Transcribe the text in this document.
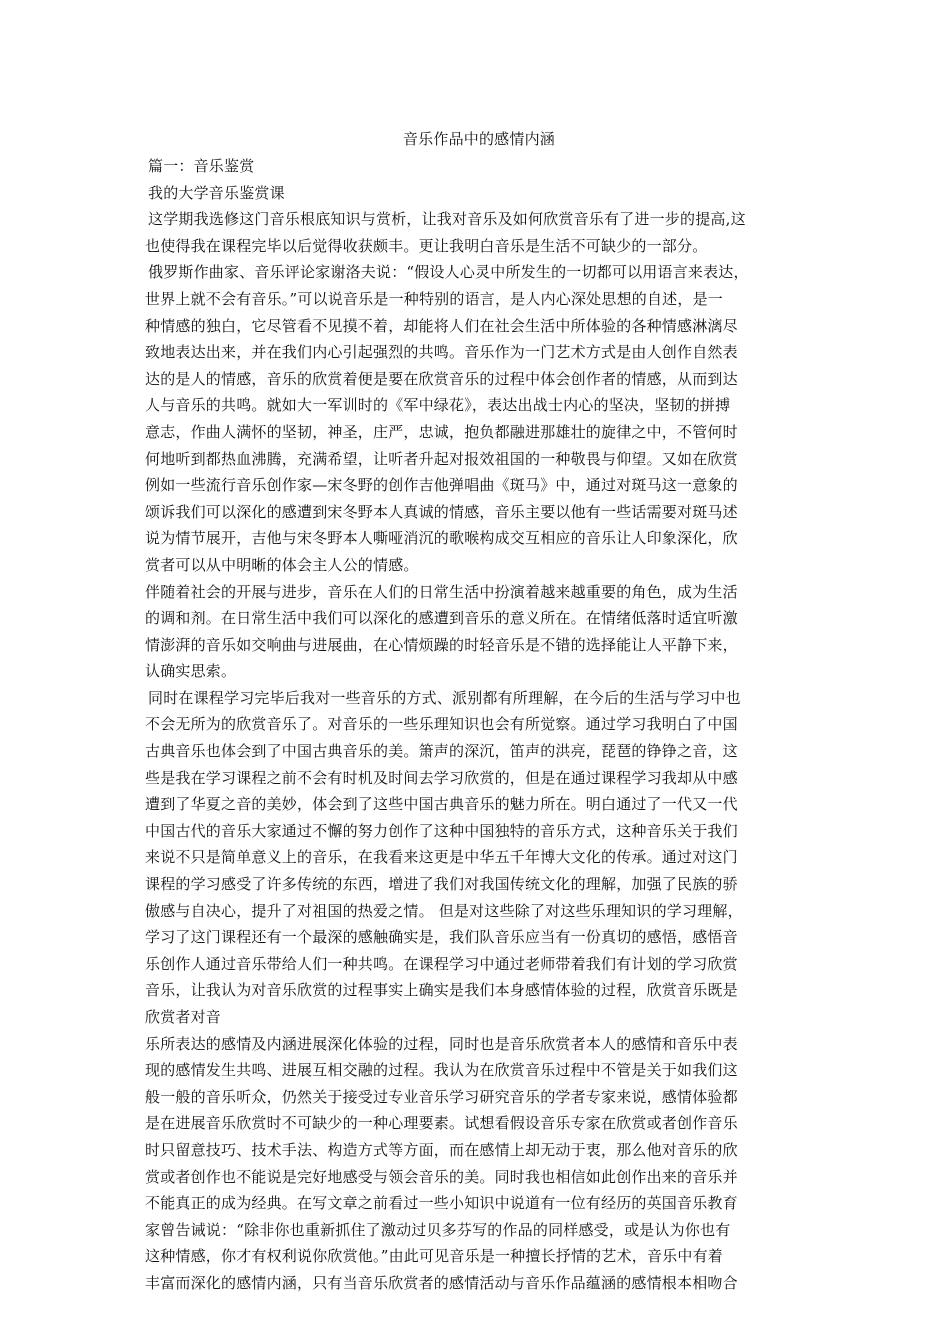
音乐作品中的感情内涵

篇一：音乐鉴赏

我的大学音乐鉴赏课

这学期我选修这门音乐根底知识与赏析，让我对音乐及如何欣赏音乐有了进一步的提高,这

也使得我在课程完毕以后觉得收获颇丰。更让我明白音乐是生活不可缺少的一部分。

俄罗斯作曲家、音乐评论家谢洛夫说：“假设人心灵中所发生的一切都可以用语言来表达，

世界上就不会有音乐。”可以说音乐是一种特别的语言，是人内心深处思想的自述，是一

种情感的独白，它尽管看不见摸不着，却能将人们在社会生活中所体验的各种情感淋漓尽

致地表达出来，并在我们内心引起强烈的共鸣。音乐作为一门艺术方式是由人创作自然表

达的是人的情感，音乐的欣赏着便是要在欣赏音乐的过程中体会创作者的情感，从而到达

人与音乐的共鸣。就如大一军训时的《军中绿花》，表达出战士内心的坚决，坚韧的拼搏

意志，作曲人满怀的坚韧，神圣，庄严，忠诚，抱负都融进那雄壮的旋律之中，不管何时

何地听到都热血沸腾，充满希望，让听者升起对报效祖国的一种敬畏与仰望。又如在欣赏

例如一些流行音乐创作家—宋冬野的创作吉他弹唱曲《斑马》中，通过对斑马这一意象的

颂诉我们可以深化的感遭到宋冬野本人真诚的情感，音乐主要以他有一些话需要对斑马述

说为情节展开，吉他与宋冬野本人嘶哑消沉的歌喉构成交互相应的音乐让人印象深化，欣

赏者可以从中明晰的体会主人公的情感。

伴随着社会的开展与进步，音乐在人们的日常生活中扮演着越来越重要的角色，成为生活

的调和剂。在日常生活中我们可以深化的感遭到音乐的意义所在。在情绪低落时适宜听激

情澎湃的音乐如交响曲与进展曲，在心情烦躁的时轻音乐是不错的选择能让人平静下来，

认确实思索。

同时在课程学习完毕后我对一些音乐的方式、派别都有所理解，在今后的生活与学习中也

不会无所为的欣赏音乐了。对音乐的一些乐理知识也会有所觉察。通过学习我明白了中国

古典音乐也体会到了中国古典音乐的美。箫声的深沉，笛声的洪亮，琵琶的铮铮之音，这

些是我在学习课程之前不会有时机及时间去学习欣赏的，但是在通过课程学习我却从中感

遭到了华夏之音的美妙，体会到了这些中国古典音乐的魅力所在。明白通过了一代又一代

中国古代的音乐大家通过不懈的努力创作了这种中国独特的音乐方式，这种音乐关于我们

来说不只是简单意义上的音乐，在我看来这更是中华五千年博大文化的传承。通过对这门

课程的学习感受了许多传统的东西，增进了我们对我国传统文化的理解，加强了民族的骄

傲感与自决心，提升了对祖国的热爱之情。 但是对这些除了对这些乐理知识的学习理解，

学习了这门课程还有一个最深的感触确实是，我们队音乐应当有一份真切的感悟，感悟音

乐创作人通过音乐带给人们一种共鸣。在课程学习中通过老师带着我们有计划的学习欣赏

音乐，让我认为对音乐欣赏的过程事实上确实是我们本身感情体验的过程，欣赏音乐既是

欣赏者对音

乐所表达的感情及内涵进展深化体验的过程，同时也是音乐欣赏者本人的感情和音乐中表

现的感情发生共鸣、进展互相交融的过程。我认为在欣赏音乐过程中不管是关于如我们这

般一般的音乐听众，仍然关于接受过专业音乐学习研究音乐的学者专家来说，感情体验都

是在进展音乐欣赏时不可缺少的一种心理要素。试想看假设音乐专家在欣赏或者创作音乐

时只留意技巧、技术手法、构造方式等方面，而在感情上却无动于衷，那么他对音乐的欣

赏或者创作也不能说是完好地感受与领会音乐的美。同时我也相信如此创作出来的音乐并

不能真正的成为经典。在写文章之前看过一些小知识中说道有一位有经历的英国音乐教育

家曾告诫说：“除非你也重新抓住了激动过贝多芬写的作品的同样感受，或是认为你也有

这种情感，你才有权利说你欣赏他。”由此可见音乐是一种擅长抒情的艺术，音乐中有着

丰富而深化的感情内涵，只有当音乐欣赏者的感情活动与音乐作品蕴涵的感情根本相吻合
